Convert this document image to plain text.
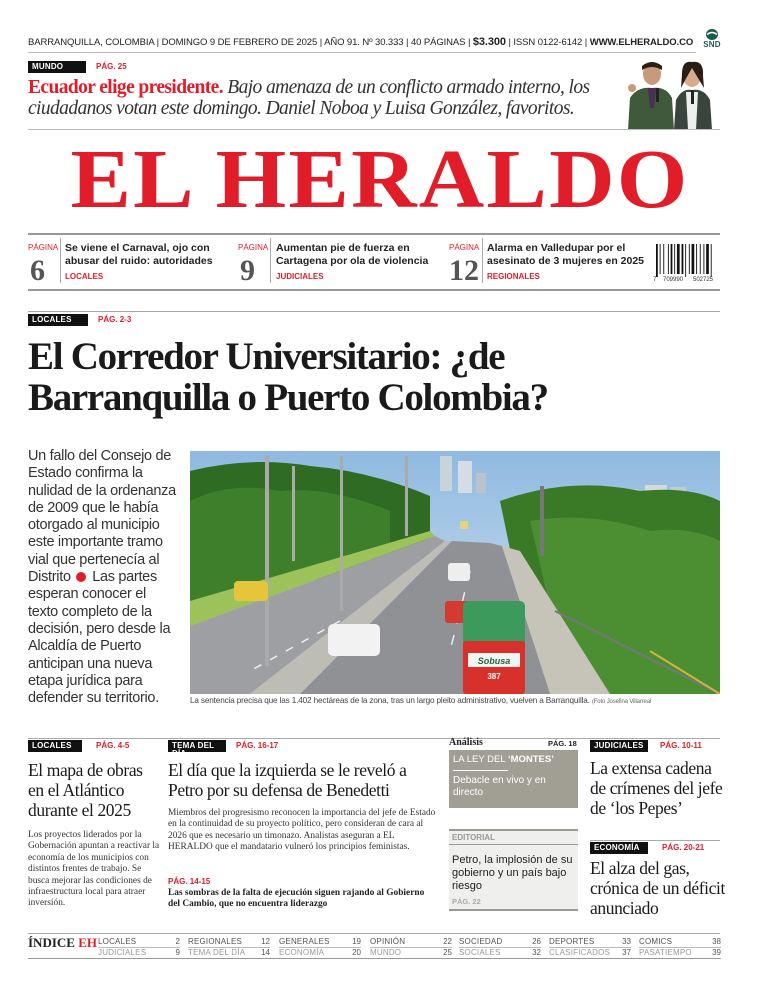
BARRANQUILLA, COLOMBIA | DOMINGO 9 DE FEBRERO DE 2025 | AÑO 91. Nº 30.333 | 40 PÁGINAS | $3.300 | ISSN 0122-6142 | WWW.ELHERALDO.CO	SND
MUNDO	PÁG. 25
Ecuador elige presidente. Bajo amenaza de un conflicto armado interno, los ciudadanos votan este domingo. Daniel Noboa y Luisa González, favoritos.
EL HERALDO
PÁGINA
6
Se viene el Carnaval, ojo con abusar del ruido: autoridades
LOCALES
PÁGINA
9
Aumentan pie de fuerza en Cartagena por ola de violencia
JUDICIALES
PÁGINA
12
Alarma en Valledupar por el asesinato de 3 mujeres en 2025
REGIONALES	7 709990 502725
LOCALES	PÁG. 2-3
El Corredor Universitario: ¿de
Barranquilla o Puerto Colombia?
Un fallo del Consejo de Estado confirma la nulidad de la ordenanza de 2009 que le había otorgado al municipio este importante tramo vial que pertenecía al Distrito Las partes esperan conocer el texto completo de la decisión, pero desde la Alcaldía de Puerto anticipan una nueva etapa jurídica para defender su territorio.
Sobusa
387
La sentencia precisa que las 1.402 hectáreas de la zona, tras un largo pleito administrativo, vuelven a Barranquilla. (Foto Josefina Villarreal
LOCALES	PÁG. 4-5
El mapa de obras en el Atlántico durante el 2025
Los proyectos liderados por la Gobernación apuntan a reactivar la economía de los municipios con distintos frentes de trabajo. Se busca mejorar las condiciones de infraestructura local para atraer inversión.
TEMA DEL DÍA
PÁG. 16-17
El día que la izquierda se le reveló a Petro por su defensa de Benedetti
Miembros del progresismo reconocen la importancia del jefe de Estado en la continuidad de su proyecto político, pero consideran de cara al 2026 que es necesario un timonazo. Analistas aseguran a EL HERALDO que el mandatario vulneró los principios feministas.
PÁG. 14-15
Las sombras de la falta de ejecución siguen rajando al Gobierno del Cambio, que no encuentra liderazgo
Análisis	PÁG. 18
LA LEY DEL ‘MONTES’
Debacle en vivo y en directo
EDITORIAL
Petro, la implosión de su gobierno y un país bajo riesgo
PÁG. 22
JUDICIALES	PÁG. 10-11
La extensa cadena de crímenes del jefe de ‘los Pepes’
ECONOMÍA	PÁG. 20-21
El alza del gas, crónica de un déficit anunciado
ÍNDICE EH LOCALES	2
JUDICIALES	9
REGIONALES	12
TEMA DEL DÍA	14
GENERALES	19
ECONOMÍA	20
OPINIÓN	22
MUNDO	25
SOCIEDAD	26
SOCIALES	32
DEPORTES	33
CLASIFICADOS	37
COMICS	38
PASATIEMPO	39
